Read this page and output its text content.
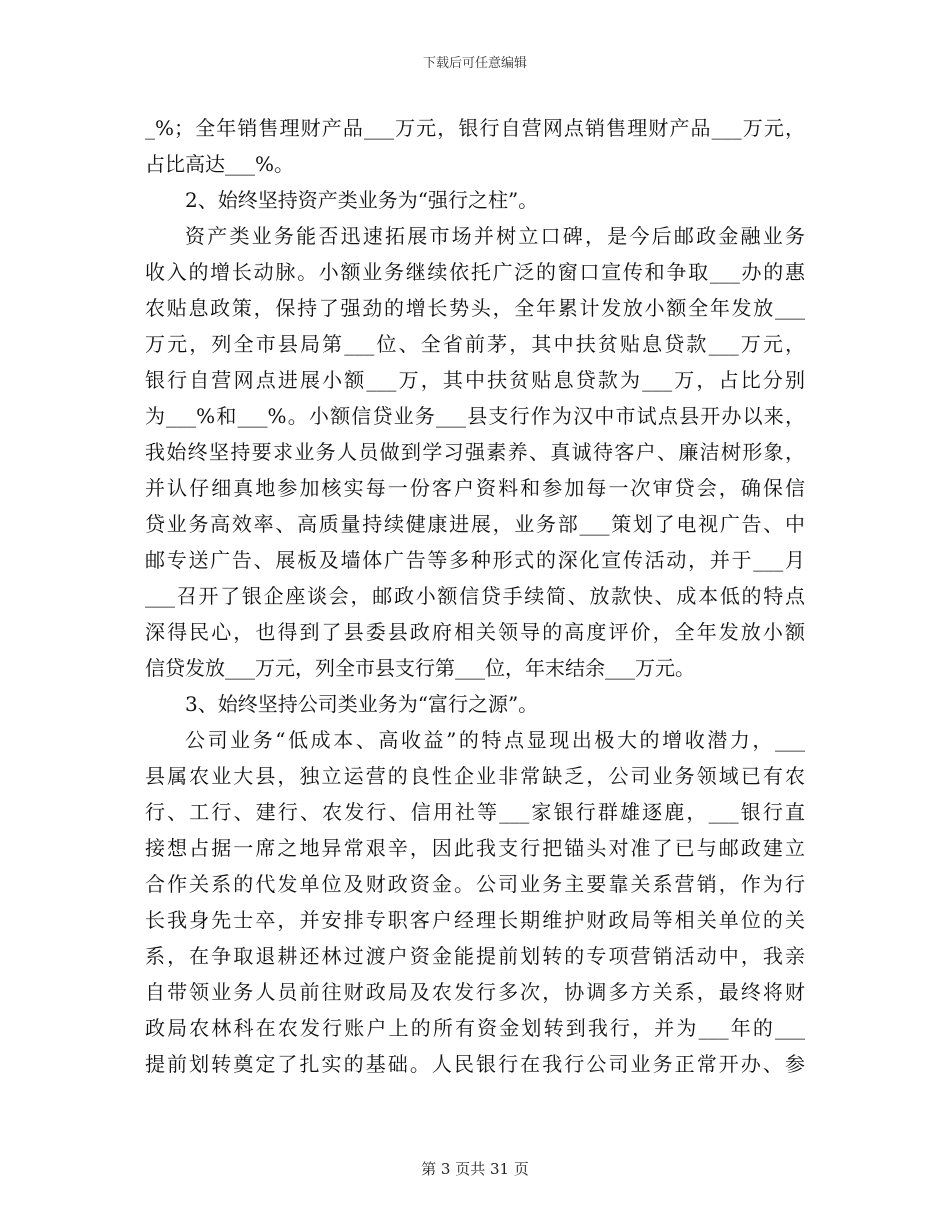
下载后可任意编辑
_%；全年销售理财产品___万元，银行自营网点销售理财产品___万元，
占比高达___%。
2、始终坚持资产类业务为“强行之柱”。
资产类业务能否迅速拓展市场并树立口碑，是今后邮政金融业务
收入的增长动脉。小额业务继续依托广泛的窗口宣传和争取___办的惠
农贴息政策，保持了强劲的增长势头，全年累计发放小额全年发放___
万元，列全市县局第___位、全省前茅，其中扶贫贴息贷款___万元，
银行自营网点进展小额___万，其中扶贫贴息贷款为___万，占比分别
为___%和___%。小额信贷业务___县支行作为汉中市试点县开办以来，
我始终坚持要求业务人员做到学习强素养、真诚待客户、廉洁树形象，
并认仔细真地参加核实每一份客户资料和参加每一次审贷会，确保信
贷业务高效率、高质量持续健康进展，业务部___策划了电视广告、中
邮专送广告、展板及墙体广告等多种形式的深化宣传活动，并于___月
___召开了银企座谈会，邮政小额信贷手续简、放款快、成本低的特点
深得民心，也得到了县委县政府相关领导的高度评价，全年发放小额
信贷发放___万元，列全市县支行第___位，年末结余___万元。
3、始终坚持公司类业务为“富行之源”。
公司业务“低成本、高收益”的特点显现出极大的增收潜力，___
县属农业大县，独立运营的良性企业非常缺乏，公司业务领域已有农
行、工行、建行、农发行、信用社等___家银行群雄逐鹿，___银行直
接想占据一席之地异常艰辛，因此我支行把锚头对准了已与邮政建立
合作关系的代发单位及财政资金。公司业务主要靠关系营销，作为行
长我身先士卒，并安排专职客户经理长期维护财政局等相关单位的关
系，在争取退耕还林过渡户资金能提前划转的专项营销活动中，我亲
自带领业务人员前往财政局及农发行多次，协调多方关系，最终将财
政局农林科在农发行账户上的所有资金划转到我行，并为___年的___
提前划转奠定了扎实的基础。人民银行在我行公司业务正常开办、参
第 3 页共 31 页
